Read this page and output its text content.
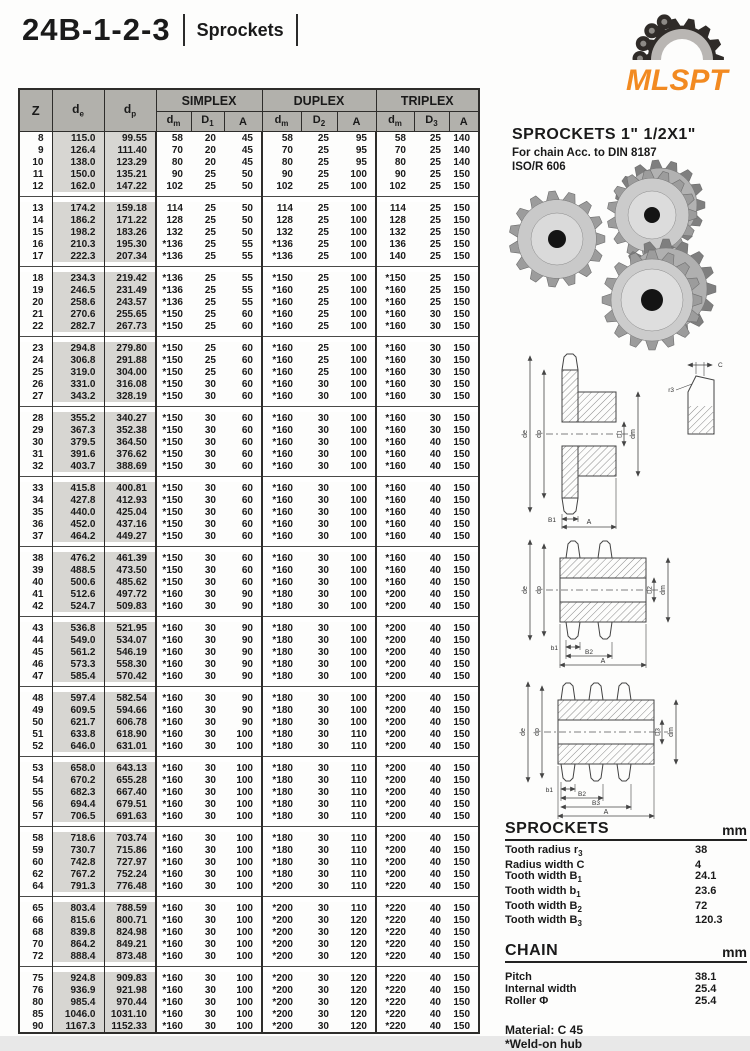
24B-1-2-3 Sprockets
MLSPT
Z	$d_e$	$d_p$	SIMPLEX			DUPLEX			TRIPLEX		
			$d_m$	$D_1$	A	$d_m$	$D_2$	A	$d_m$	$D_3$	A
8	115.0	99.55	58	20	45	58	25	95	58	25	140
9	126.4	111.40	70	20	45	70	25	95	70	25	140
10	138.0	123.29	80	20	45	80	25	95	80	25	140
11	150.0	135.21	90	25	50	90	25	100	90	25	150
12	162.0	147.22	102	25	50	102	25	100	102	25	150

13	174.2	159.18	114	25	50	114	25	100	114	25	150
14	186.2	171.22	128	25	50	128	25	100	128	25	150
15	198.2	183.26	132	25	50	132	25	100	132	25	150
16	210.3	195.30	*136	25	55	*136	25	100	136	25	150
17	222.3	207.34	*136	25	55	*136	25	100	140	25	150

18	234.3	219.42	*136	25	55	*150	25	100	*150	25	150
19	246.5	231.49	*136	25	55	*160	25	100	*160	25	150
20	258.6	243.57	*136	25	55	*160	25	100	*160	25	150
21	270.6	255.65	*150	25	60	*160	25	100	*160	30	150
22	282.7	267.73	*150	25	60	*160	25	100	*160	30	150

23	294.8	279.80	*150	25	60	*160	25	100	*160	30	150
24	306.8	291.88	*150	25	60	*160	25	100	*160	30	150
25	319.0	304.00	*150	25	60	*160	25	100	*160	30	150
26	331.0	316.08	*150	30	60	*160	30	100	*160	30	150
27	343.2	328.19	*150	30	60	*160	30	100	*160	30	150

28	355.2	340.27	*150	30	60	*160	30	100	*160	30	150
29	367.3	352.38	*150	30	60	*160	30	100	*160	30	150
30	379.5	364.50	*150	30	60	*160	30	100	*160	40	150
31	391.6	376.62	*150	30	60	*160	30	100	*160	40	150
32	403.7	388.69	*150	30	60	*160	30	100	*160	40	150

33	415.8	400.81	*150	30	60	*160	30	100	*160	40	150
34	427.8	412.93	*150	30	60	*160	30	100	*160	40	150
35	440.0	425.04	*150	30	60	*160	30	100	*160	40	150
36	452.0	437.16	*150	30	60	*160	30	100	*160	40	150
37	464.2	449.27	*150	30	60	*160	30	100	*160	40	150

38	476.2	461.39	*150	30	60	*160	30	100	*160	40	150
39	488.5	473.50	*150	30	60	*160	30	100	*160	40	150
40	500.6	485.62	*150	30	60	*160	30	100	*160	40	150
41	512.6	497.72	*160	30	90	*180	30	100	*200	40	150
42	524.7	509.83	*160	30	90	*180	30	100	*200	40	150

43	536.8	521.95	*160	30	90	*180	30	100	*200	40	150
44	549.0	534.07	*160	30	90	*180	30	100	*200	40	150
45	561.2	546.19	*160	30	90	*180	30	100	*200	40	150
46	573.3	558.30	*160	30	90	*180	30	100	*200	40	150
47	585.4	570.42	*160	30	90	*180	30	100	*200	40	150

48	597.4	582.54	*160	30	90	*180	30	100	*200	40	150
49	609.5	594.66	*160	30	90	*180	30	100	*200	40	150
50	621.7	606.78	*160	30	90	*180	30	100	*200	40	150
51	633.8	618.90	*160	30	100	*180	30	110	*200	40	150
52	646.0	631.01	*160	30	100	*180	30	110	*200	40	150

53	658.0	643.13	*160	30	100	*180	30	110	*200	40	150
54	670.2	655.28	*160	30	100	*180	30	110	*200	40	150
55	682.3	667.40	*160	30	100	*180	30	110	*200	40	150
56	694.4	679.51	*160	30	100	*180	30	110	*200	40	150
57	706.5	691.63	*160	30	100	*180	30	110	*200	40	150

58	718.6	703.74	*160	30	100	*180	30	110	*200	40	150
59	730.7	715.86	*160	30	100	*180	30	110	*200	40	150
60	742.8	727.97	*160	30	100	*180	30	110	*200	40	150
62	767.2	752.24	*160	30	100	*180	30	110	*200	40	150
64	791.3	776.48	*160	30	100	*200	30	110	*220	40	150

65	803.4	788.59	*160	30	100	*200	30	110	*220	40	150
66	815.6	800.71	*160	30	100	*200	30	120	*220	40	150
68	839.8	824.98	*160	30	100	*200	30	120	*220	40	150
70	864.2	849.21	*160	30	100	*200	30	120	*220	40	150
72	888.4	873.48	*160	30	100	*200	30	120	*220	40	150

75	924.8	909.83	*160	30	100	*200	30	120	*220	40	150
76	936.9	921.98	*160	30	100	*200	30	120	*220	40	150
80	985.4	970.44	*160	30	100	*200	30	120	*220	40	150
85	1046.0	1031.10	*160	30	100	*200	30	120	*220	40	150
90	1167.3	1152.33	*160	30	100	*200	30	120	*220	40	150
SPROCKETS 1" 1/2X1"
For chain Acc. to DIN 8187
ISO/R 606
de dp	D1 dm
B1	A
C
r3
de dp	D2 dm
b1
B2
A
de dp	D3 dm
b1
B2
B3
A
SPROCKETS	mm
Tooth radius $r_3$	38
Radius width C	4
Tooth width $B_1$	24.1
Tooth width $b_1$	23.6
Tooth width $B_2$	72
Tooth width $B_3$	120.3
CHAIN	mm
Pitch	38.1
Internal width	25.4
Roller Φ	25.4
Material: C 45
*Weld-on hub
